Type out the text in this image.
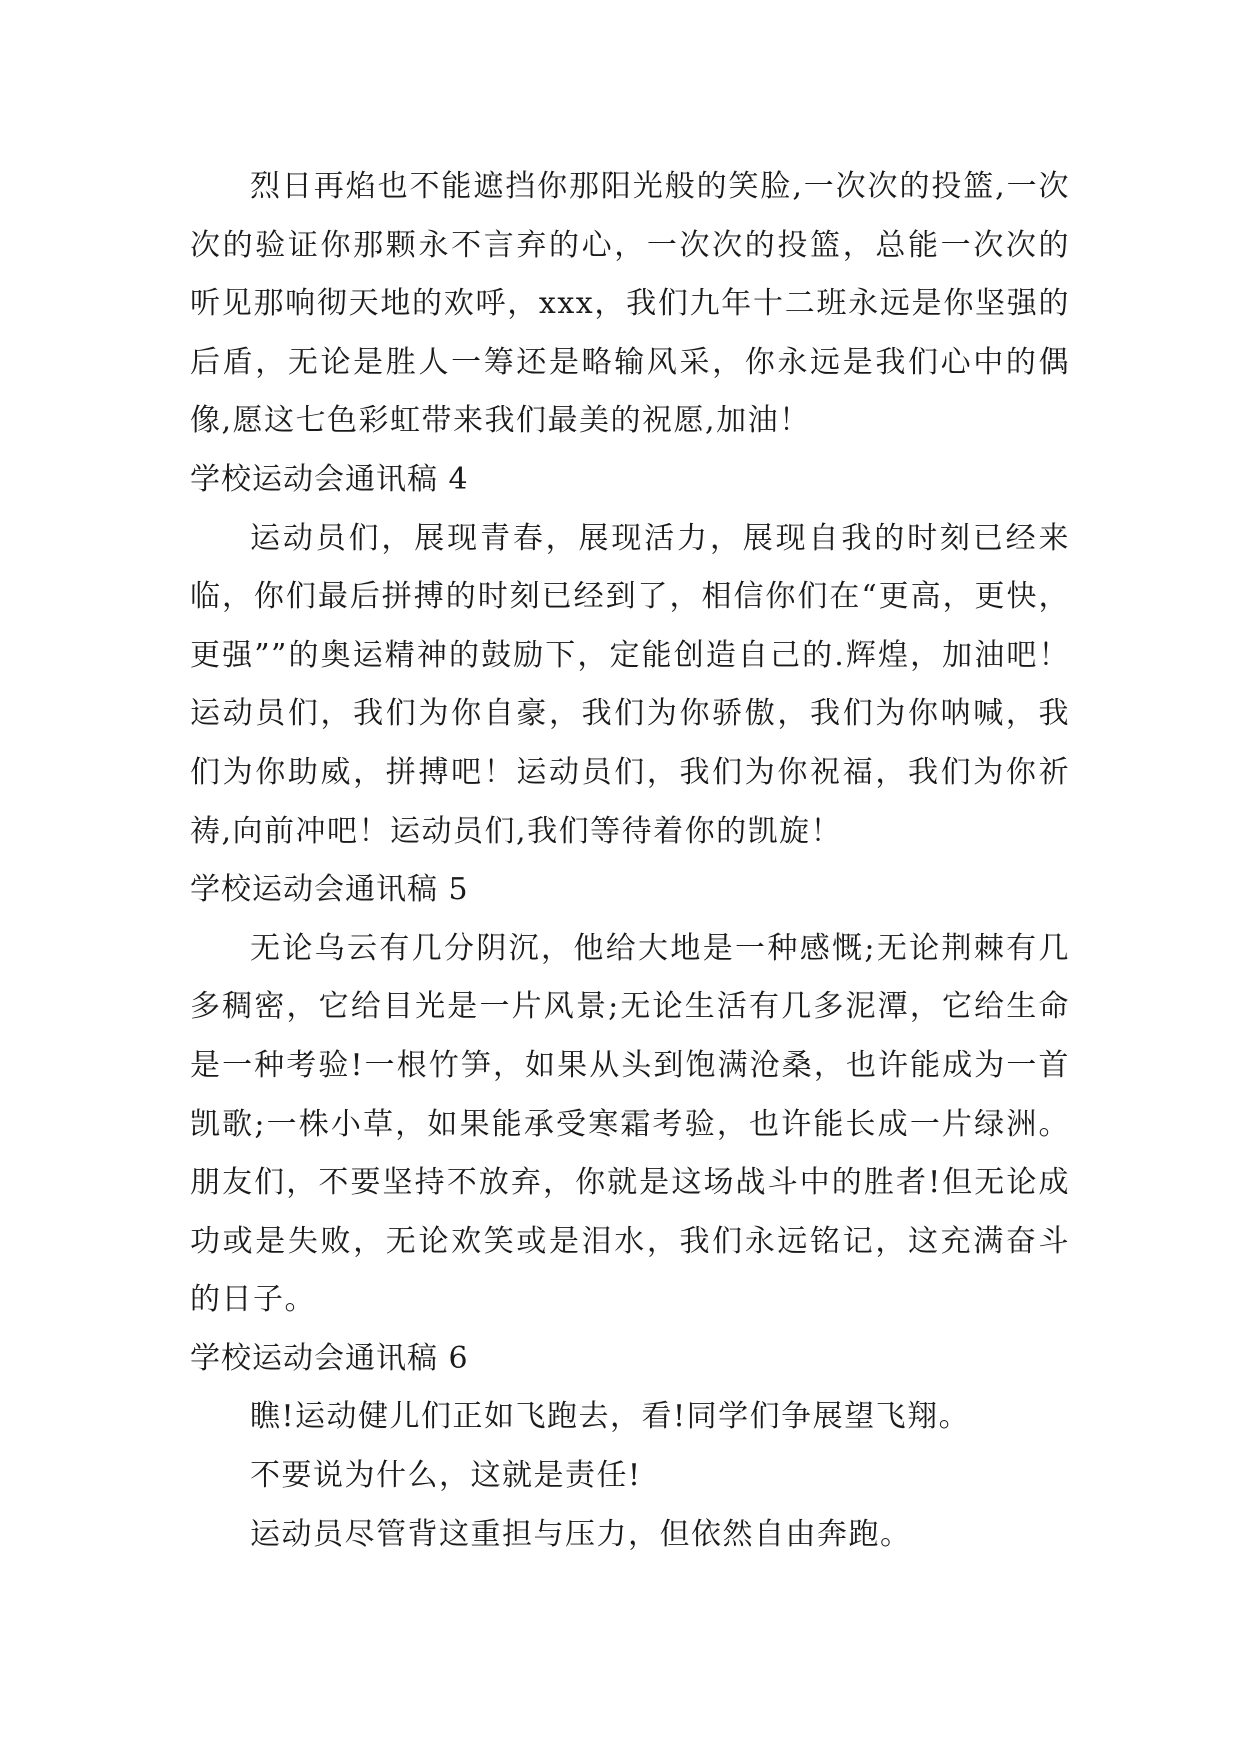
烈日再焰也不能遮挡你那阳光般的笑脸,一次次的投篮,一次次的验证你那颗永不言弃的心，一次次的投篮，总能一次次的听见那响彻天地的欢呼，xxx，我们九年十二班永远是你坚强的后盾，无论是胜人一筹还是略输风采，你永远是我们心中的偶像,愿这七色彩虹带来我们最美的祝愿,加油！

学校运动会通讯稿 4

运动员们，展现青春，展现活力，展现自我的时刻已经来临，你们最后拼搏的时刻已经到了，相信你们在“更高，更快，更强””的奥运精神的鼓励下，定能创造自己的.辉煌，加油吧！运动员们，我们为你自豪，我们为你骄傲，我们为你呐喊，我们为你助威，拼搏吧！运动员们，我们为你祝福，我们为你祈祷,向前冲吧！运动员们,我们等待着你的凯旋！

学校运动会通讯稿 5

无论乌云有几分阴沉，他给大地是一种感慨;无论荆棘有几多稠密，它给目光是一片风景;无论生活有几多泥潭，它给生命是一种考验!一根竹笋，如果从头到饱满沧桑，也许能成为一首凯歌;一株小草，如果能承受寒霜考验，也许能长成一片绿洲。朋友们，不要坚持不放弃，你就是这场战斗中的胜者!但无论成功或是失败，无论欢笑或是泪水，我们永远铭记，这充满奋斗的日子。

学校运动会通讯稿 6

瞧!运动健儿们正如飞跑去，看!同学们争展望飞翔。

不要说为什么，这就是责任!

运动员尽管背这重担与压力，但依然自由奔跑。
